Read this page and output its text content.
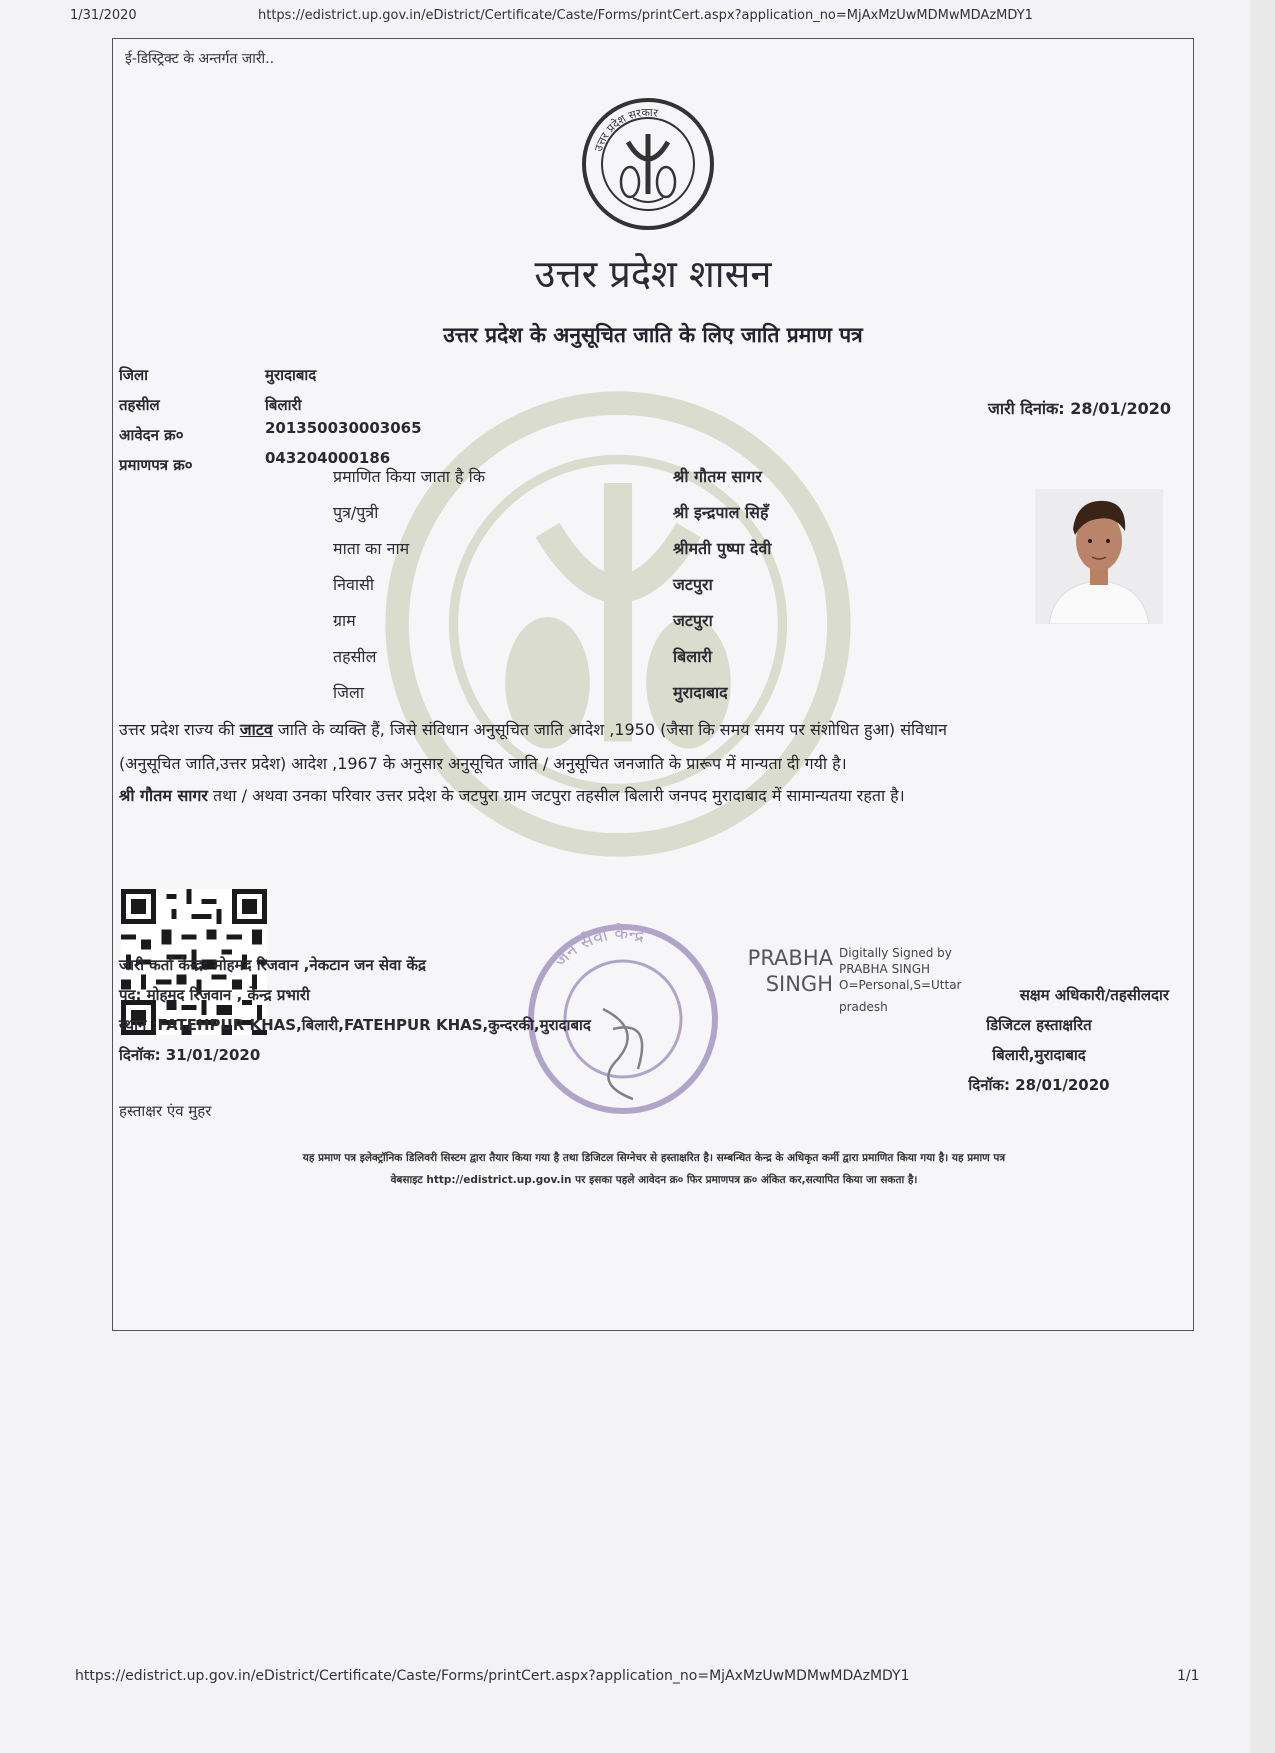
1/31/2020	https://edistrict.up.gov.in/eDistrict/Certificate/Caste/Forms/printCert.aspx?application_no=MjAxMzUwMDMwMDAzMDY1
ई-डिस्ट्रिक्ट के अन्तर्गत जारी..
उत्तर प्रदेश सरकार
उत्तर प्रदेश शासन
उत्तर प्रदेश के अनुसूचित जाति के लिए जाति प्रमाण पत्र
जिला	मुरादाबाद
तहसील	बिलारी
आवेदन क्र०	201350030003065
प्रमाणपत्र क्र०	043204000186
जारी दिनांक: 28/01/2020
प्रमाणित किया जाता है कि	श्री गौतम सागर
पुत्र/पुत्री	श्री इन्द्रपाल सिहँ
माता का नाम	श्रीमती पुष्पा देवी
निवासी	जटपुरा
ग्राम	जटपुरा
तहसील	बिलारी
जिला	मुरादाबाद
उत्तर प्रदेश राज्य की जाटव जाति के व्यक्ति हैं, जिसे संविधान अनुसूचित जाति आदेश ,1950 (जैसा कि समय समय पर संशोधित हुआ) संविधान
(अनुसूचित जाति,उत्तर प्रदेश) आदेश ,1967 के अनुसार अनुसूचित जाति / अनुसूचित जनजाति के प्रारूप में मान्यता दी गयी है।
श्री गौतम सागर तथा / अथवा उनका परिवार उत्तर प्रदेश के जटपुरा ग्राम जटपुरा तहसील बिलारी जनपद मुरादाबाद में सामान्यतया रहता है।
जन सेवा केन्द्र
जारी कर्ता केन्द्र: मोहमद रिजवान ,नेकटान जन सेवा केंद्र
पद: मोहमद रिजवान , केन्द्र प्रभारी
स्थान :FATEHPUR KHAS,बिलारी,FATEHPUR KHAS,कुन्दरकी,मुरादाबाद
दिनॉक: 31/01/2020
PRABHA
SINGH
Digitally Signed by
PRABHA SINGH
O=Personal,S=Uttar
pradesh
सक्षम अधिकारी/तहसीलदार
डिजिटल हस्ताक्षरित
बिलारी,मुरादाबाद
दिनॉक: 28/01/2020
हस्ताक्षर एंव मुहर
यह प्रमाण पत्र इलेक्ट्रॉनिक डिलिवरी सिस्टम द्वारा तैयार किया गया है तथा डिजिटल सिग्नेचर से हस्ताक्षरित है। सम्बन्धित केन्द्र के अधिकृत कर्मी द्वारा प्रमाणित किया गया है। यह प्रमाण पत्र
वेबसाइट http://edistrict.up.gov.in पर इसका पहले आवेदन क्र० फिर प्रमाणपत्र क्र० अंकित कर,सत्यापित किया जा सकता है।
https://edistrict.up.gov.in/eDistrict/Certificate/Caste/Forms/printCert.aspx?application_no=MjAxMzUwMDMwMDAzMDY1	1/1
